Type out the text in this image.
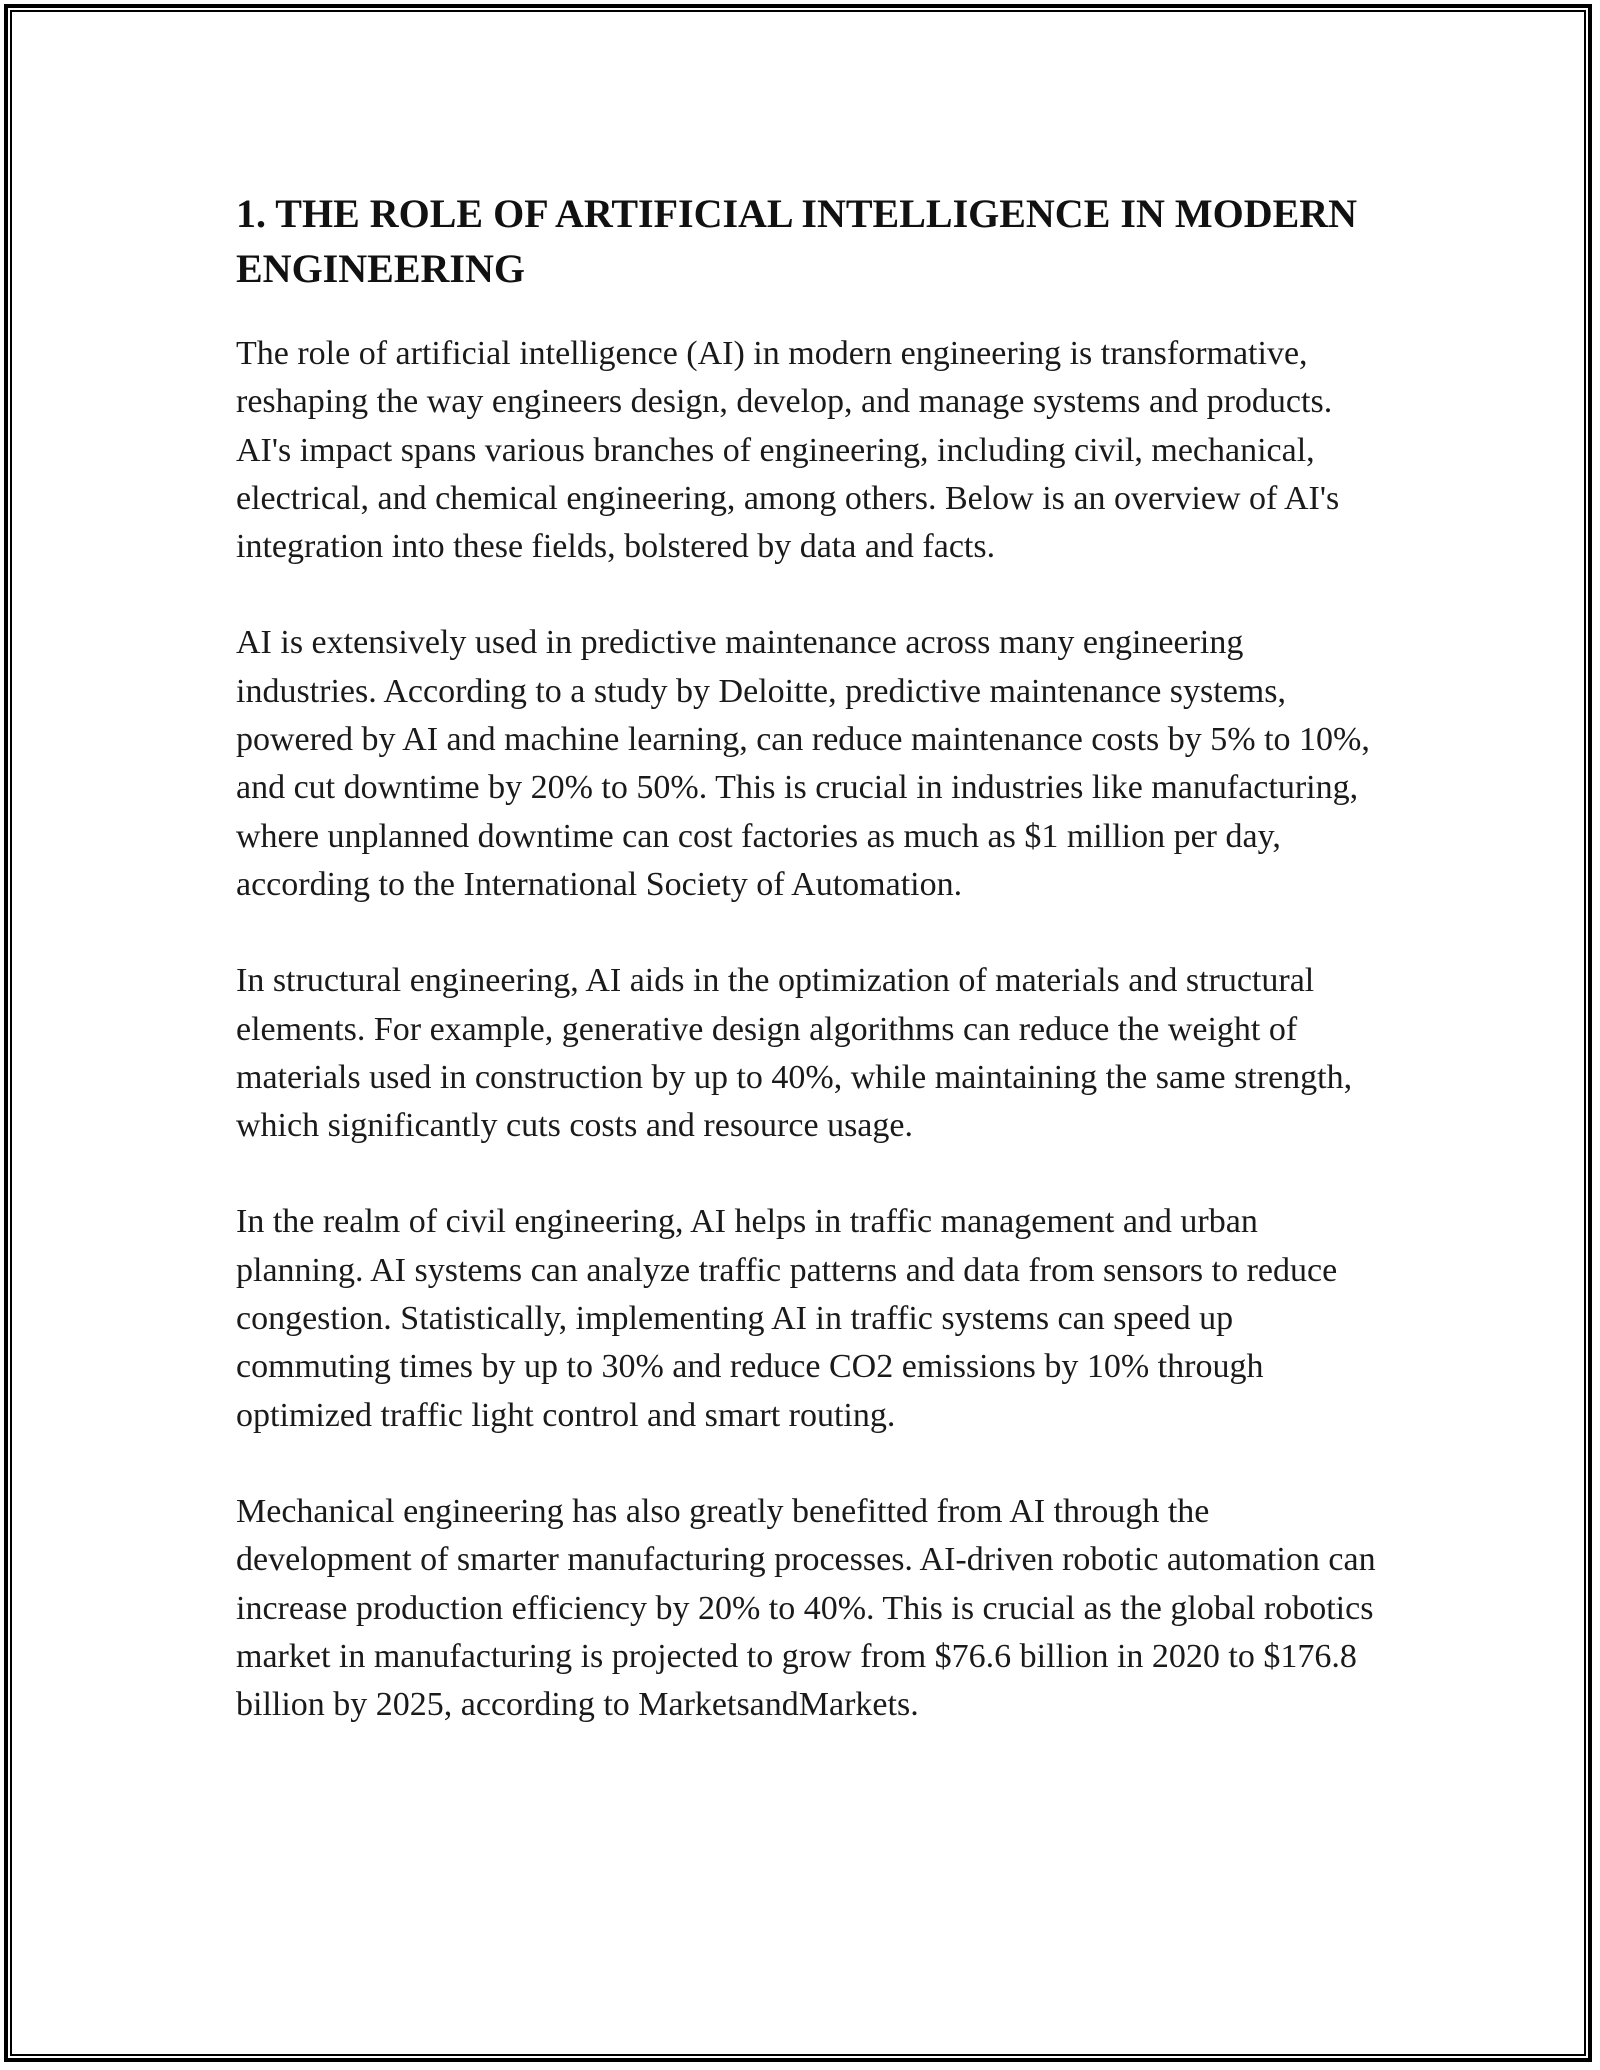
1. THE ROLE OF ARTIFICIAL INTELLIGENCE IN MODERN ENGINEERING

The role of artificial intelligence (AI) in modern engineering is transformative, reshaping the way engineers design, develop, and manage systems and products. AI's impact spans various branches of engineering, including civil, mechanical, electrical, and chemical engineering, among others. Below is an overview of AI's integration into these fields, bolstered by data and facts.

AI is extensively used in predictive maintenance across many engineering industries. According to a study by Deloitte, predictive maintenance systems, powered by AI and machine learning, can reduce maintenance costs by 5% to 10%, and cut downtime by 20% to 50%. This is crucial in industries like manufacturing, where unplanned downtime can cost factories as much as $1 million per day, according to the International Society of Automation.

In structural engineering, AI aids in the optimization of materials and structural elements. For example, generative design algorithms can reduce the weight of materials used in construction by up to 40%, while maintaining the same strength, which significantly cuts costs and resource usage.

In the realm of civil engineering, AI helps in traffic management and urban planning. AI systems can analyze traffic patterns and data from sensors to reduce congestion. Statistically, implementing AI in traffic systems can speed up commuting times by up to 30% and reduce CO2 emissions by 10% through optimized traffic light control and smart routing.

Mechanical engineering has also greatly benefitted from AI through the development of smarter manufacturing processes. AI-driven robotic automation can increase production efficiency by 20% to 40%. This is crucial as the global robotics market in manufacturing is projected to grow from $76.6 billion in 2020 to $176.8 billion by 2025, according to MarketsandMarkets.
